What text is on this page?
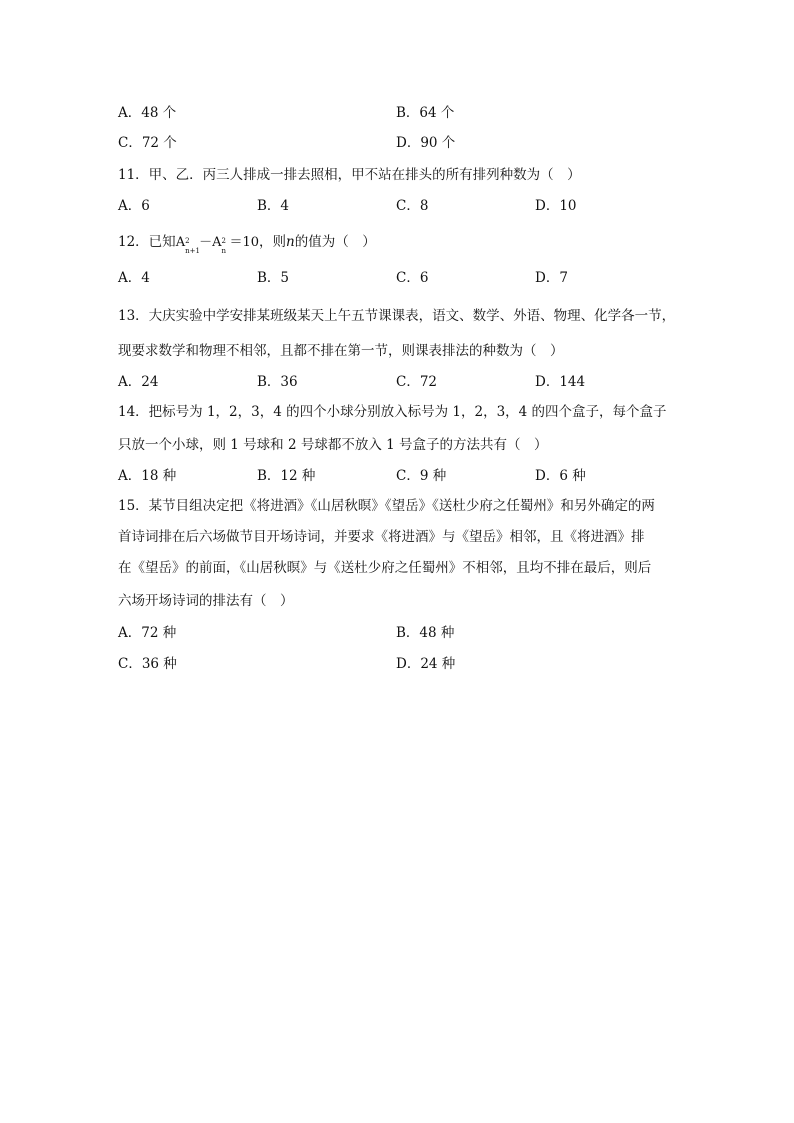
A．48 个	B．64 个
C．72 个	D．90 个
11．甲、乙．丙三人排成一排去照相，甲不站在排头的所有排列种数为（　）
A．6	B．4	C．8	D．10
12．已知A 2
n+1
－A 2
n
＝10，则n的值为（　）
A．4	B．5	C．6	D．7
13．大庆实验中学安排某班级某天上午五节课课表，语文、数学、外语、物理、化学各一节，
现要求数学和物理不相邻，且都不排在第一节，则课表排法的种数为（　）
A．24	B．36	C．72	D．144
14．把标号为 1，2，3，4 的四个小球分别放入标号为 1，2，3，4 的四个盒子，每个盒子
只放一个小球，则 1 号球和 2 号球都不放入 1 号盒子的方法共有（　）
A．18 种	B．12 种	C．9 种	D．6 种
15．某节目组决定把《将进酒》《山居秋暝》《望岳》《送杜少府之任蜀州》和另外确定的两
首诗词排在后六场做节目开场诗词，并要求《将进酒》与《望岳》相邻，且《将进酒》排
在《望岳》的前面，《山居秋暝》与《送杜少府之任蜀州》不相邻，且均不排在最后，则后
六场开场诗词的排法有（　）
A．72 种	B．48 种
C．36 种	D．24 种
